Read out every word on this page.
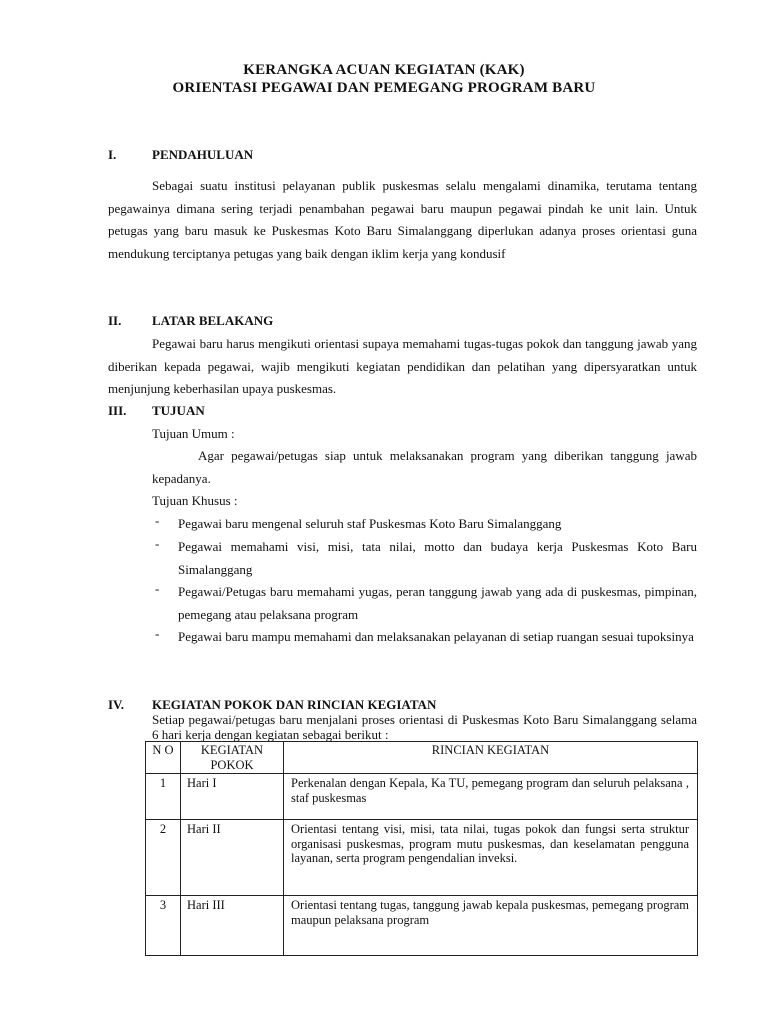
KERANGKA ACUAN KEGIATAN (KAK)
ORIENTASI PEGAWAI DAN PEMEGANG PROGRAM BARU
I.	PENDAHULUAN
Sebagai suatu institusi pelayanan publik puskesmas selalu mengalami dinamika, terutama tentang pegawainya dimana sering terjadi penambahan pegawai baru maupun pegawai pindah ke unit lain. Untuk petugas yang baru masuk ke Puskesmas Koto Baru Simalanggang diperlukan adanya proses orientasi guna mendukung terciptanya petugas yang baik dengan iklim kerja yang kondusif
II. LATAR BELAKANG
Pegawai baru harus mengikuti orientasi supaya memahami tugas-tugas pokok dan tanggung jawab yang diberikan kepada pegawai, wajib mengikuti kegiatan pendidikan dan pelatihan yang dipersyaratkan untuk menjunjung keberhasilan upaya puskesmas.
III. TUJUAN
Tujuan Umum :
Agar pegawai/petugas siap untuk melaksanakan program yang diberikan tanggung jawab kepadanya.
Tujuan Khusus :
- Pegawai baru mengenal seluruh staf Puskesmas Koto Baru Simalanggang
- Pegawai memahami visi, misi, tata nilai, motto dan budaya kerja Puskesmas Koto Baru Simalanggang
- Pegawai/Petugas baru memahami yugas, peran tanggung jawab yang ada di puskesmas, pimpinan, pemegang atau pelaksana program
- Pegawai baru mampu memahami dan melaksanakan pelayanan di setiap ruangan sesuai tupoksinya
IV. KEGIATAN POKOK DAN RINCIAN KEGIATAN
Setiap pegawai/petugas baru menjalani proses orientasi di Puskesmas Koto Baru Simalanggang selama 6 hari kerja dengan kegiatan sebagai berikut :
N O	KEGIATAN POKOK	RINCIAN KEGIATAN
1	Hari I	Perkenalan dengan Kepala, Ka TU, pemegang program dan seluruh pelaksana , staf puskesmas
2	Hari II	Orientasi tentang visi, misi, tata nilai, tugas pokok dan fungsi serta struktur organisasi puskesmas, program mutu puskesmas, dan keselamatan pengguna layanan, serta program pengendalian inveksi.
3	Hari III	Orientasi tentang tugas, tanggung jawab kepala puskesmas, pemegang program maupun pelaksana program
